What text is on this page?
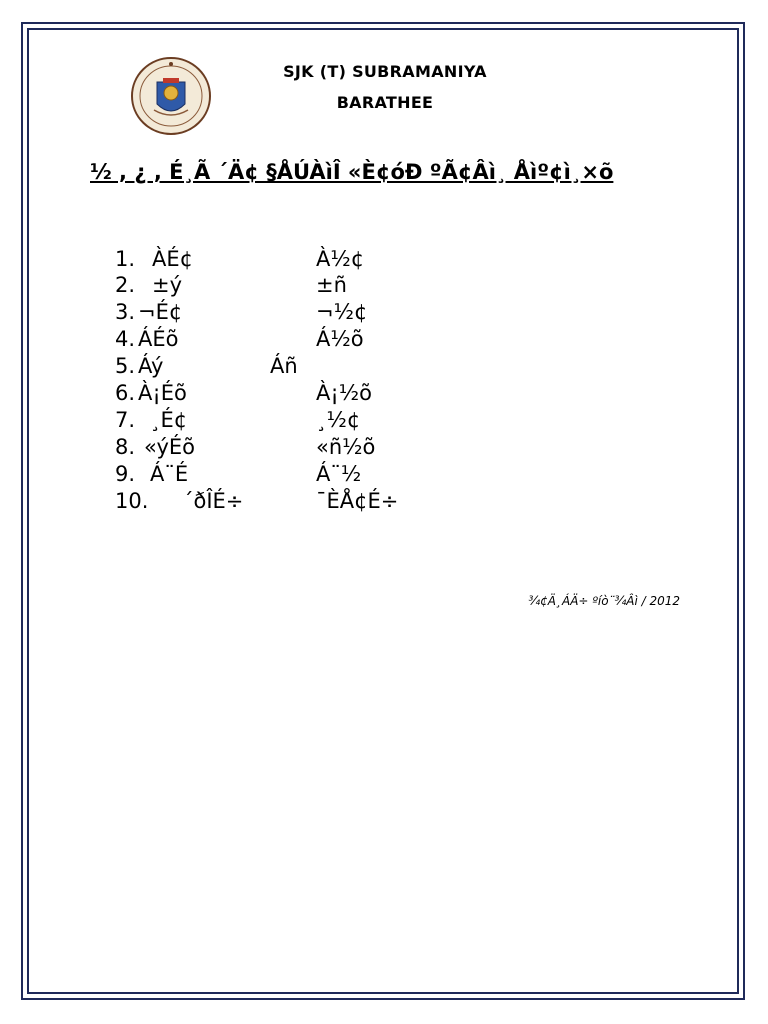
SJK (T) SUBRAMANIYA
BARATHEE
½ , ¿ , É¸Ã ´Ä¢ §ÅÚÀìÎ «È¢óÐ ºÃ¢Âì¸ Åìº¢ì¸×õ
1. ÀÉ¢	À½¢
2. ±ý	±ñ
3. ¬É¢	¬½¢
4. ÁÉõ	Á½õ
5. Áý	Áñ
6. À¡Éõ	À¡½õ
7. ¸É¢	¸½¢
8. «ýÉõ	«ñ½õ
9. Á¨É	Á¨½
10. ´ðÎÉ÷	¯ÈÅ¢É÷
¾¢Ä¸ÁÄ÷ ºíò¨¾Âì / 2012
